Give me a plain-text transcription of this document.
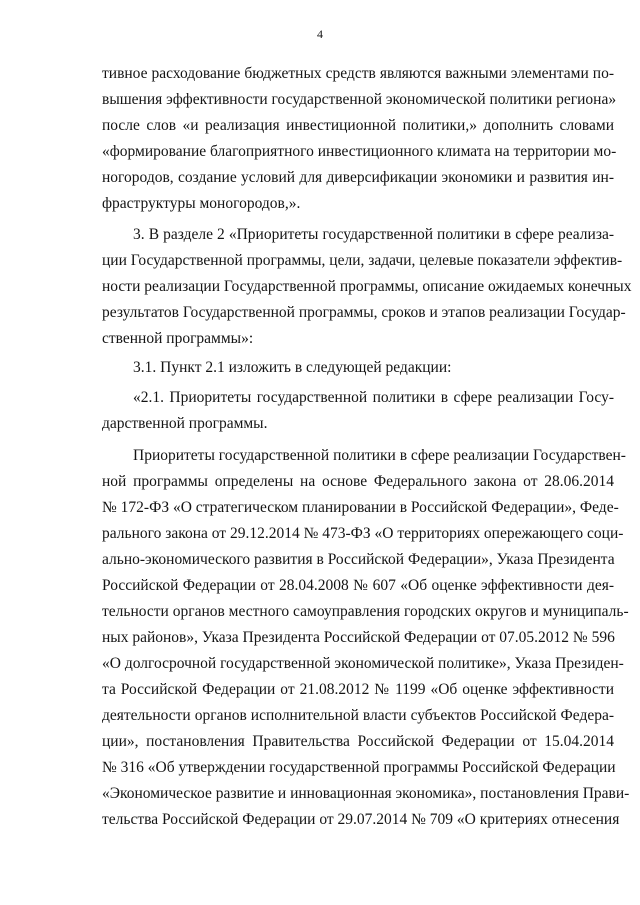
4
тивное расходование бюджетных средств являются важными элементами по-
вышения эффективности государственной экономической политики региона»
после слов «и реализация инвестиционной политики,» дополнить словами
«формирование благоприятного инвестиционного климата на территории мо-
ногородов, создание условий для диверсификации экономики и развития ин-
фраструктуры моногородов,».
3. В разделе 2 «Приоритеты государственной политики в сфере реализа-
ции Государственной программы, цели, задачи, целевые показатели эффектив-
ности реализации Государственной программы, описание ожидаемых конечных
результатов Государственной программы, сроков и этапов реализации Государ-
ственной программы»:
3.1. Пункт 2.1 изложить в следующей редакции:
«2.1. Приоритеты государственной политики в сфере реализации Госу-
дарственной программы.
Приоритеты государственной политики в сфере реализации Государствен-
ной программы определены на основе Федерального закона от 28.06.2014
№ 172-ФЗ «О стратегическом планировании в Российской Федерации», Феде-
рального закона от 29.12.2014 № 473-ФЗ «О территориях опережающего соци-
ально-экономического развития в Российской Федерации», Указа Президента
Российской Федерации от 28.04.2008 № 607 «Об оценке эффективности дея-
тельности органов местного самоуправления городских округов и муниципаль-
ных районов», Указа Президента Российской Федерации от 07.05.2012 № 596
«О долгосрочной государственной экономической политике», Указа Президен-
та Российской Федерации от 21.08.2012 № 1199 «Об оценке эффективности
деятельности органов исполнительной власти субъектов Российской Федера-
ции», постановления Правительства Российской Федерации от 15.04.2014
№ 316 «Об утверждении государственной программы Российской Федерации
«Экономическое развитие и инновационная экономика», постановления Прави-
тельства Российской Федерации от 29.07.2014 № 709 «О критериях отнесения
